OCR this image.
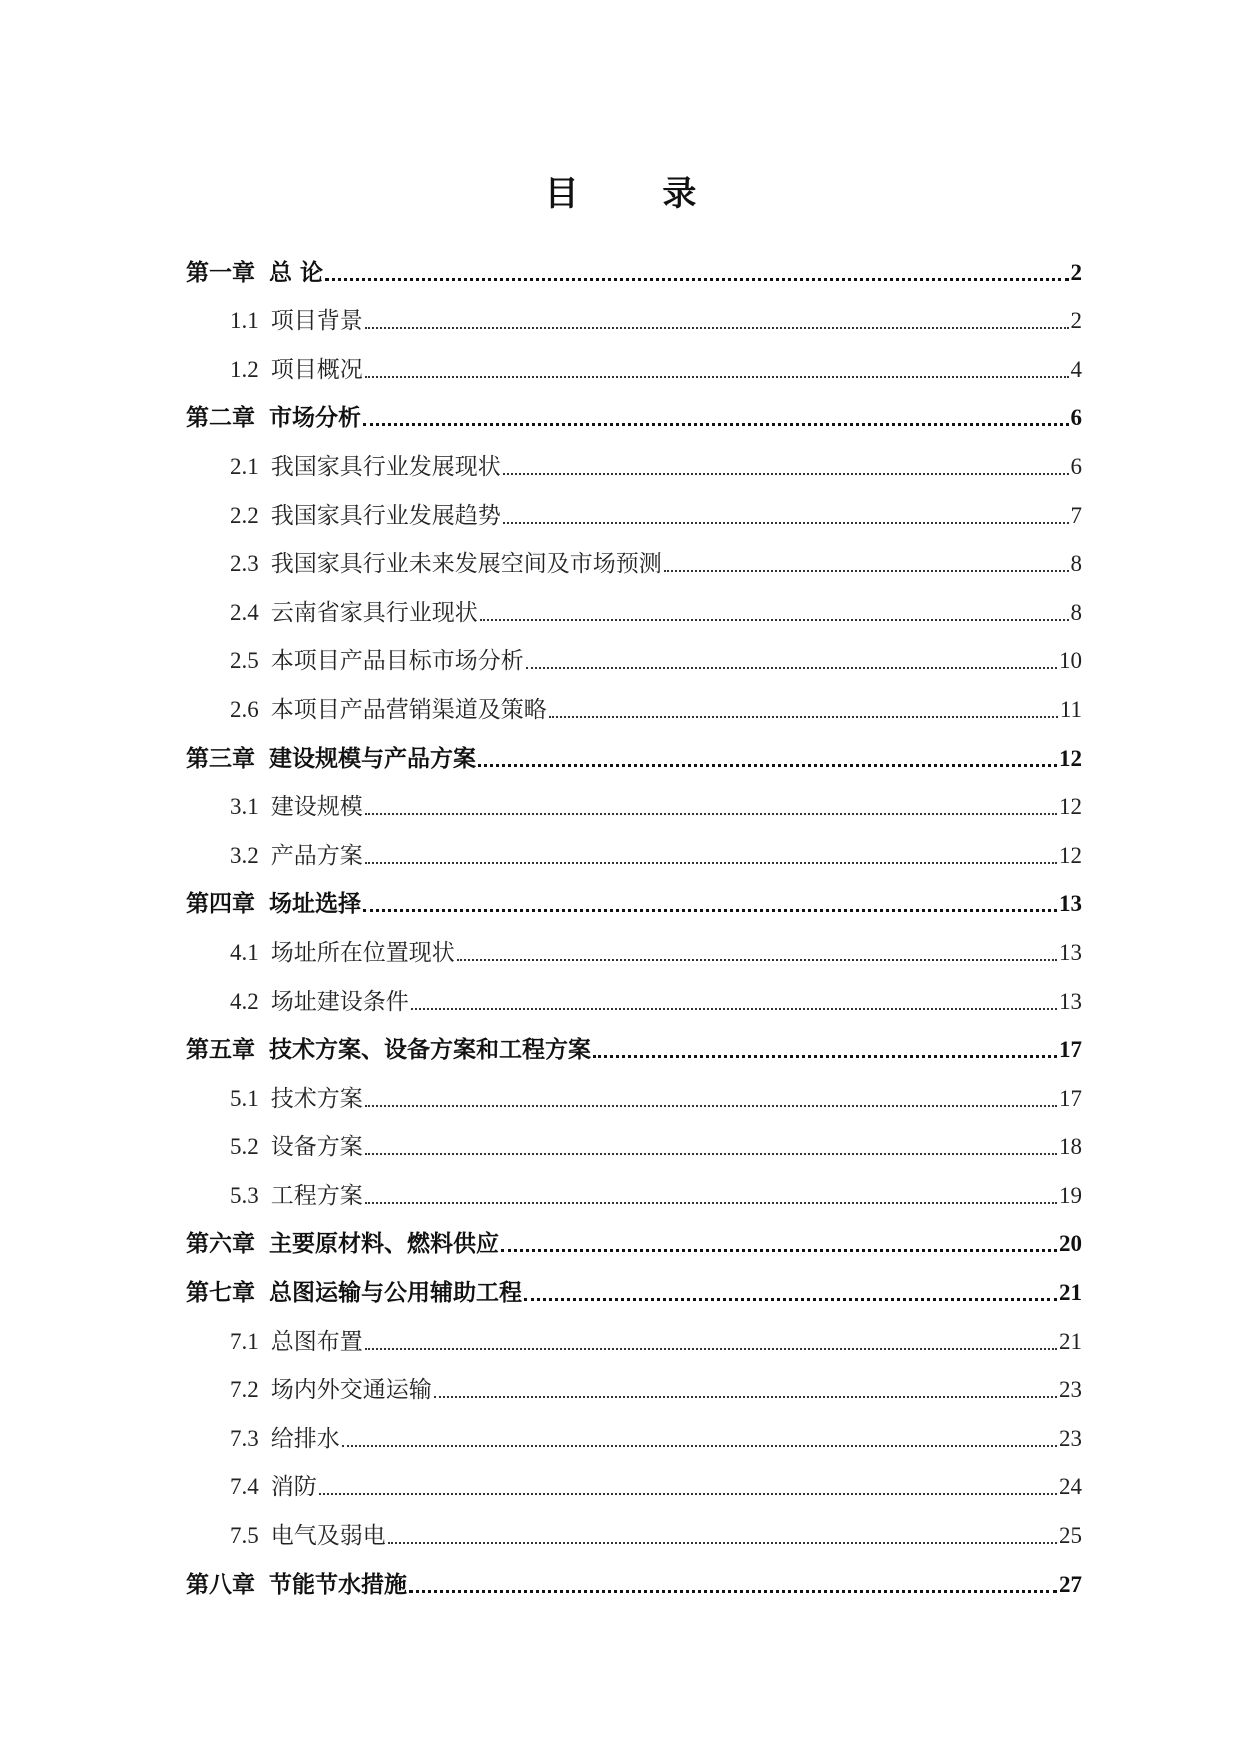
目 录
第一章 总 论	2
1.1 项目背景	2
1.2 项目概况	4
第二章 市场分析	6
2.1 我国家具行业发展现状	6
2.2 我国家具行业发展趋势	7
2.3 我国家具行业未来发展空间及市场预测	8
2.4 云南省家具行业现状	8
2.5 本项目产品目标市场分析	10
2.6 本项目产品营销渠道及策略	11
第三章 建设规模与产品方案	12
3.1 建设规模	12
3.2 产品方案	12
第四章 场址选择	13
4.1 场址所在位置现状	13
4.2 场址建设条件	13
第五章 技术方案、设备方案和工程方案	17
5.1 技术方案	17
5.2 设备方案	18
5.3 工程方案	19
第六章 主要原材料、燃料供应	20
第七章 总图运输与公用辅助工程	21
7.1 总图布置	21
7.2 场内外交通运输	23
7.3 给排水	23
7.4 消防	24
7.5 电气及弱电	25
第八章 节能节水措施	27
